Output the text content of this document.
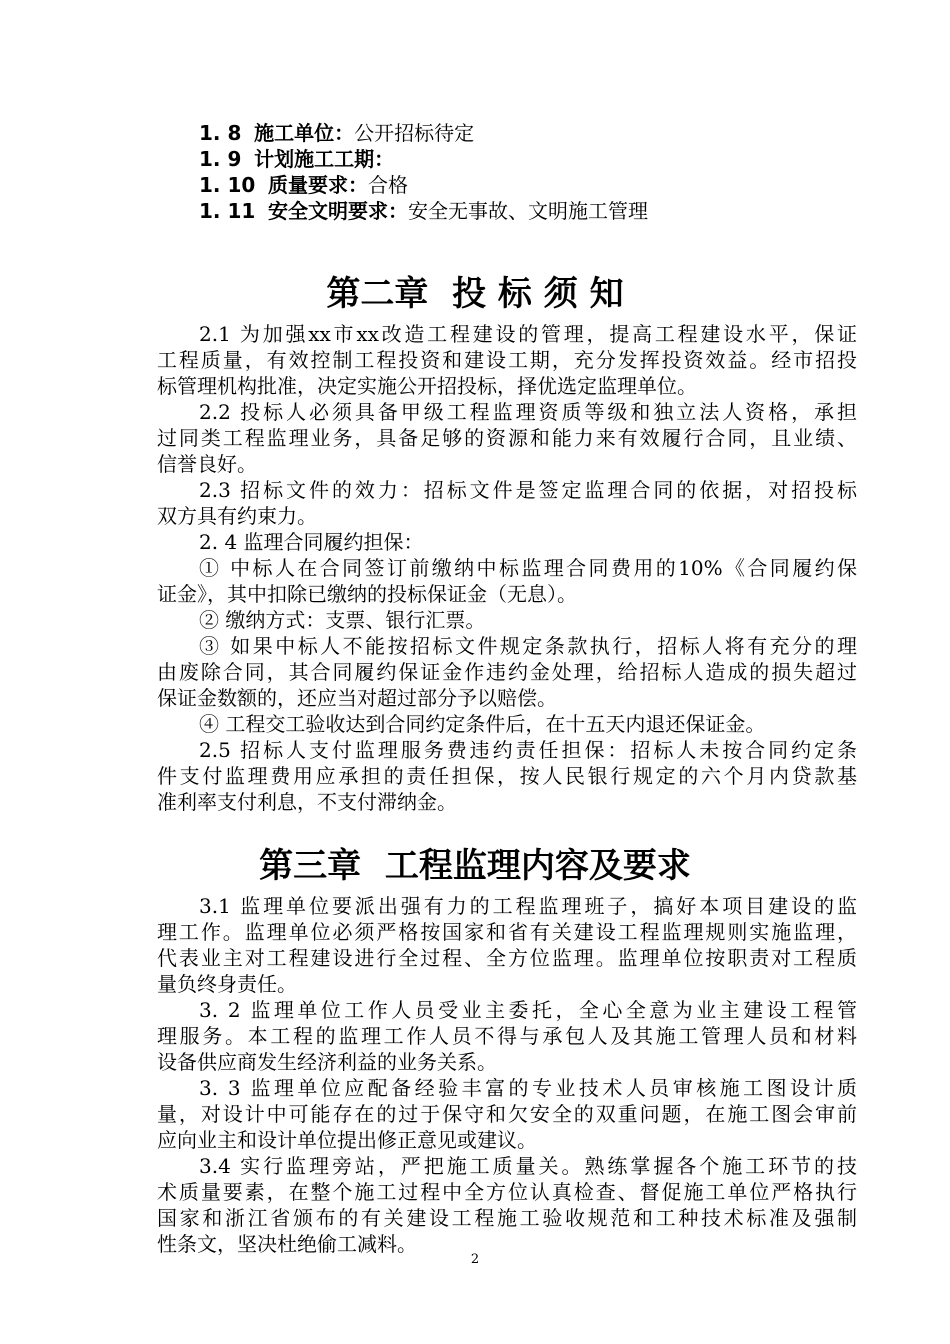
1. 8 施工单位：公开招标待定
1. 9 计划施工工期：
1. 10 质量要求：合格
1. 11 安全文明要求：安全无事故、文明施工管理
第二章  投 标 须 知
2.1 为加强xx市xx改造工程建设的管理，提高工程建设水平，保证
工程质量，有效控制工程投资和建设工期，充分发挥投资效益。经市招投
标管理机构批准，决定实施公开招投标，择优选定监理单位。
2.2 投标人必须具备甲级工程监理资质等级和独立法人资格，承担
过同类工程监理业务，具备足够的资源和能力来有效履行合同，且业绩、
信誉良好。
2.3 招标文件的效力：招标文件是签定监理合同的依据，对招投标
双方具有约束力。
2. 4 监理合同履约担保：
① 中标人在合同签订前缴纳中标监理合同费用的10%《合同履约保
证金》，其中扣除已缴纳的投标保证金（无息）。
② 缴纳方式：支票、银行汇票。
③ 如果中标人不能按招标文件规定条款执行，招标人将有充分的理
由废除合同，其合同履约保证金作违约金处理，给招标人造成的损失超过
保证金数额的，还应当对超过部分予以赔偿。
④ 工程交工验收达到合同约定条件后，在十五天内退还保证金。
2.5 招标人支付监理服务费违约责任担保：招标人未按合同约定条
件支付监理费用应承担的责任担保，按人民银行规定的六个月内贷款基
准利率支付利息，不支付滞纳金。
第三章  工程监理内容及要求
3.1 监理单位要派出强有力的工程监理班子，搞好本项目建设的监
理工作。监理单位必须严格按国家和省有关建设工程监理规则实施监理，
代表业主对工程建设进行全过程、全方位监理。监理单位按职责对工程质
量负终身责任。
3. 2 监理单位工作人员受业主委托，全心全意为业主建设工程管
理服务。本工程的监理工作人员不得与承包人及其施工管理人员和材料
设备供应商发生经济利益的业务关系。
3. 3 监理单位应配备经验丰富的专业技术人员审核施工图设计质
量，对设计中可能存在的过于保守和欠安全的双重问题，在施工图会审前
应向业主和设计单位提出修正意见或建议。
3.4 实行监理旁站，严把施工质量关。熟练掌握各个施工环节的技
术质量要素，在整个施工过程中全方位认真检查、督促施工单位严格执行
国家和浙江省颁布的有关建设工程施工验收规范和工种技术标准及强制
性条文，坚决杜绝偷工减料。
2
